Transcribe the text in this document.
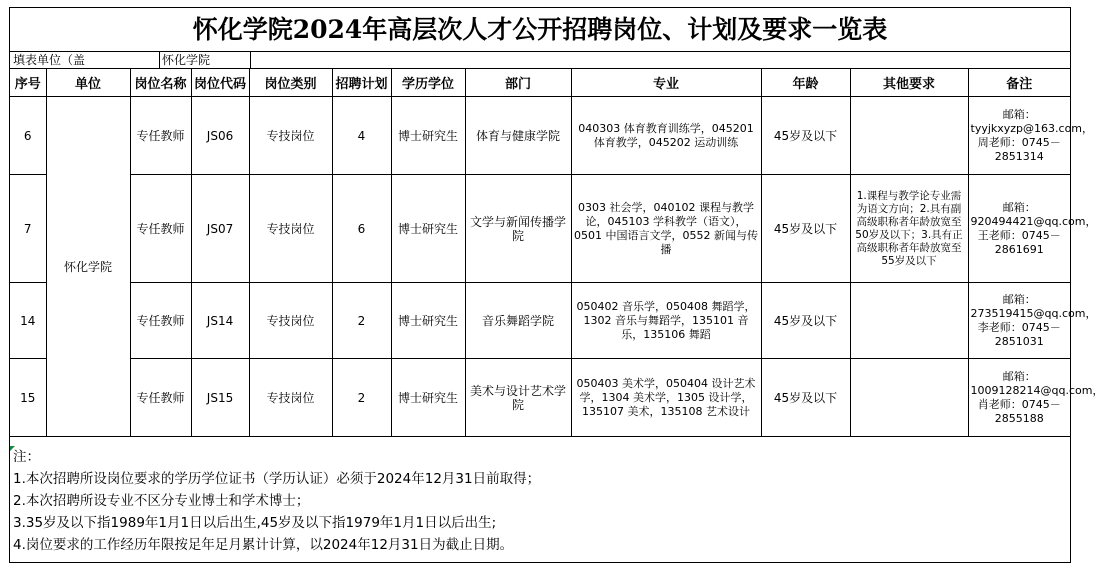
怀化学院2024年高层次人才公开招聘岗位、计划及要求一览表
填表单位（盖	怀化学院
序号	单位	岗位名称	岗位代码	岗位类别	招聘计划	学历学位	部门	专业	年龄	其他要求	备注
6	怀化学院	专任教师	JS06	专技岗位	4	博士研究生	体育与健康学院	040303 体育教育训练学，045201 体育教学，045202 运动训练	45岁及以下		邮箱：tyyjkxyzp@163.com，周老师：0745－2851314
7		专任教师	JS07	专技岗位	6	博士研究生	文学与新闻传播学院	0303 社会学，040102 课程与教学论，045103 学科教学（语文），0501 中国语言文学，0552 新闻与传播	45岁及以下	1.课程与教学论专业需为语文方向；2.具有副高级职称者年龄放宽至50岁及以下；3.具有正高级职称者年龄放宽至55岁及以下	邮箱：920494421@qq.com，王老师：0745－2861691
14		专任教师	JS14	专技岗位	2	博士研究生	音乐舞蹈学院	050402 音乐学，050408 舞蹈学，1302 音乐与舞蹈学，135101 音乐，135106 舞蹈	45岁及以下		邮箱：273519415@qq.com，李老师：0745－2851031
15		专任教师	JS15	专技岗位	2	博士研究生	美术与设计艺术学院	050403 美术学，050404 设计艺术学，1304 美术学，1305 设计学，135107 美术，135108 艺术设计	45岁及以下		邮箱：1009128214@qq.com，肖老师：0745－2855188
注：
1.本次招聘所设岗位要求的学历学位证书（学历认证）必须于2024年12月31日前取得；
2.本次招聘所设专业不区分专业博士和学术博士；
3.35岁及以下指1989年1月1日以后出生,45岁及以下指1979年1月1日以后出生;
4.岗位要求的工作经历年限按足年足月累计计算，以2024年12月31日为截止日期。
